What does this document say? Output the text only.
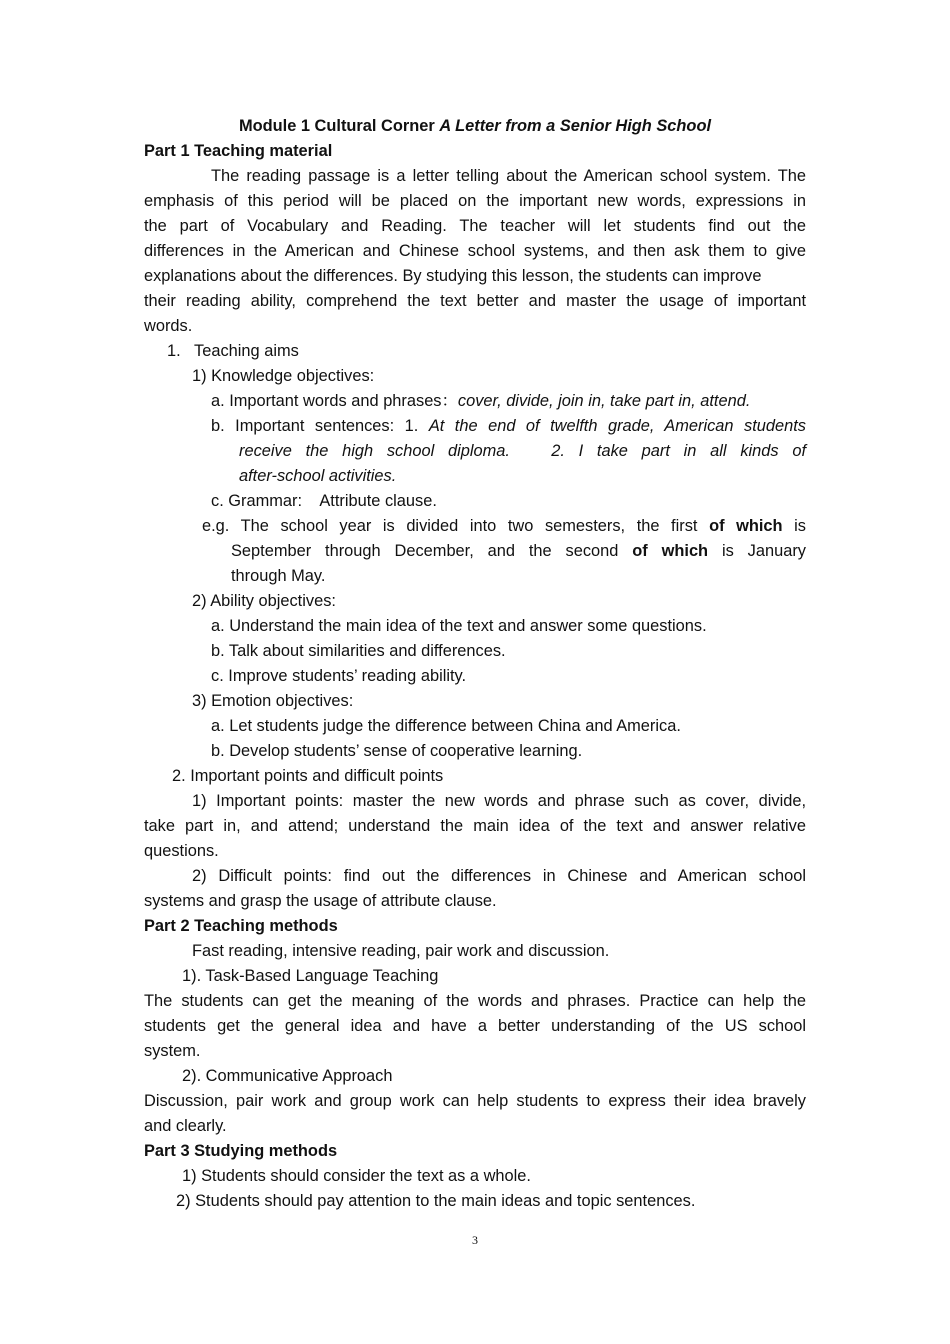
Module 1 Cultural Corner A Letter from a Senior High School
Part 1 Teaching material
The reading passage is a letter telling about the American school system. The
emphasis of this period will be placed on the important new words, expressions in
the part of Vocabulary and Reading. The teacher will let students find out the
differences in the American and Chinese school systems, and then ask them to give
explanations about the differences. By studying this lesson, the students can improve
their reading ability, comprehend the text better and master the usage of important
words.
1.   Teaching aims
1) Knowledge objectives:
a. Important words and phrases：cover, divide, join in, take part in, attend.
b. Important sentences: 1. At the end of twelfth grade, American students
receive the high school diploma.   2. I take part in all kinds of
after-school activities.
c. Grammar:    Attribute clause.
e.g. The school year is divided into two semesters, the first of which is
September through December, and the second of which is January
through May.
2) Ability objectives:
a. Understand the main idea of the text and answer some questions.
b. Talk about similarities and differences.
c. Improve students’ reading ability.
3) Emotion objectives:
a. Let students judge the difference between China and America.
b. Develop students’ sense of cooperative learning.
2. Important points and difficult points
1) Important points: master the new words and phrase such as cover, divide,
take part in, and attend; understand the main idea of the text and answer relative
questions.
2) Difficult points: find out the differences in Chinese and American school
systems and grasp the usage of attribute clause.
Part 2 Teaching methods
Fast reading, intensive reading, pair work and discussion.
1). Task-Based Language Teaching
The students can get the meaning of the words and phrases. Practice can help the
students get the general idea and have a better understanding of the US school
system.
2). Communicative Approach
Discussion, pair work and group work can help students to express their idea bravely
and clearly.
Part 3 Studying methods
1) Students should consider the text as a whole.
2) Students should pay attention to the main ideas and topic sentences.
3
